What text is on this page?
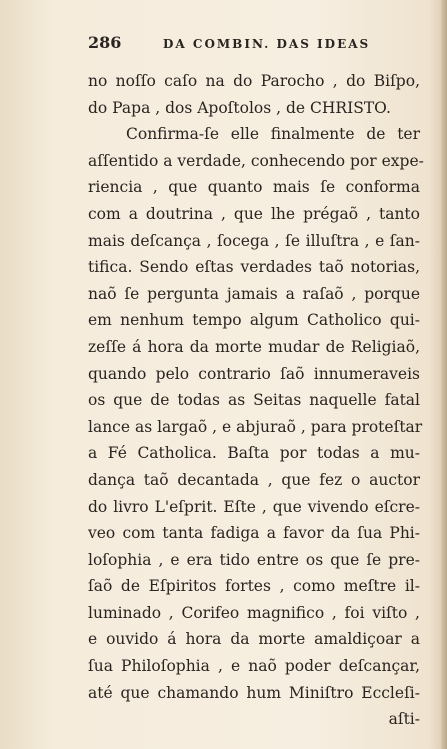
286	DA COMBIN. DAS IDEAS
no noſſo caſo na do Parocho , do Biſpo,
do Papa , dos Apoſtolos , de CHRISTO.
Confirma-ſe elle finalmente de ter
aſſentido a verdade, conhecendo por expe-
riencia , que quanto mais ſe conforma
com a doutrina , que lhe prégaõ , tanto
mais deſcança , ſocega , ſe illuſtra , e ſan-
tifica. Sendo eſtas verdades taõ notorias,
naõ ſe pergunta jamais a raſaõ , porque
em nenhum tempo algum Catholico qui-
zeſſe á hora da morte mudar de Religiaõ,
quando pelo contrario ſaõ innumeraveis
os que de todas as Seitas naquelle fatal
lance as largaõ , e abjuraõ , para proteſtar
a Fé Catholica. Baſta por todas a mu-
dança taõ decantada , que fez o auctor
do livro L'eſprit. Eſte , que vivendo eſcre-
veo com tanta fadiga a favor da ſua Phi-
loſophia , e era tido entre os que ſe pre-
ſaõ de Eſpiritos fortes , como meſtre il-
luminado , Corifeo magnifico , foi viſto ,
e ouvido á hora da morte amaldiçoar a
ſua Philoſophia , e naõ poder deſcançar,
até que chamando hum Miniſtro Eccleſi-
aſti-
